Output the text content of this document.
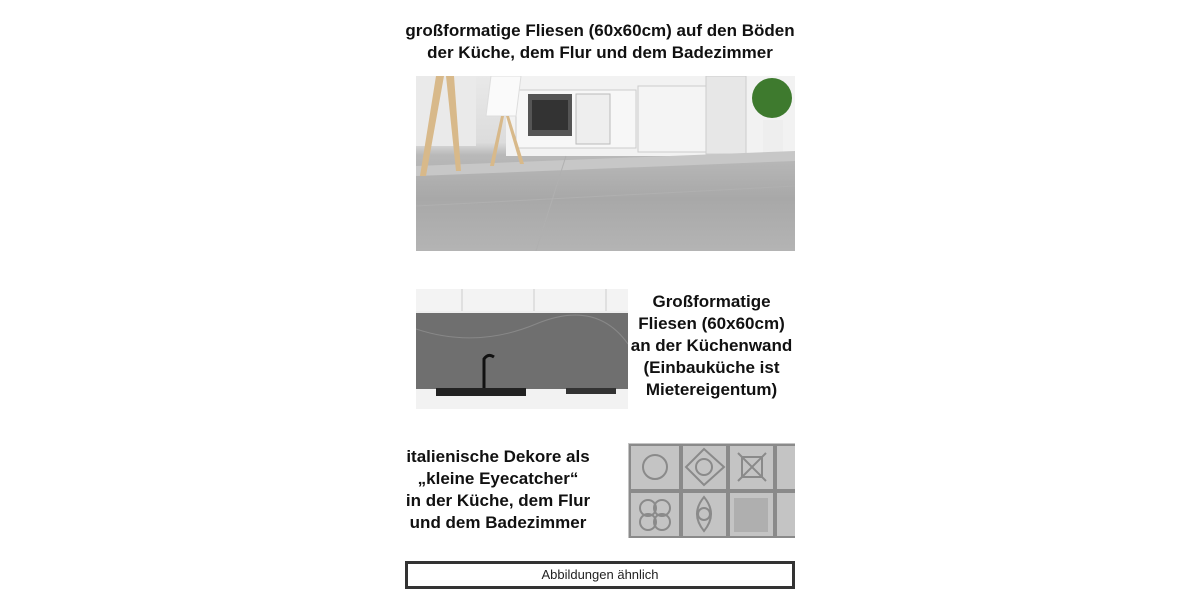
großformatige Fliesen (60x60cm) auf den Böden
der Küche, dem Flur und dem Badezimmer
Großformatige
Fliesen (60x60cm)
an der Küchenwand
(Einbauküche ist
Mietereigentum)
italienische Dekore als
„kleine Eyecatcher“
in der Küche, dem Flur
und dem Badezimmer
Abbildungen ähnlich
